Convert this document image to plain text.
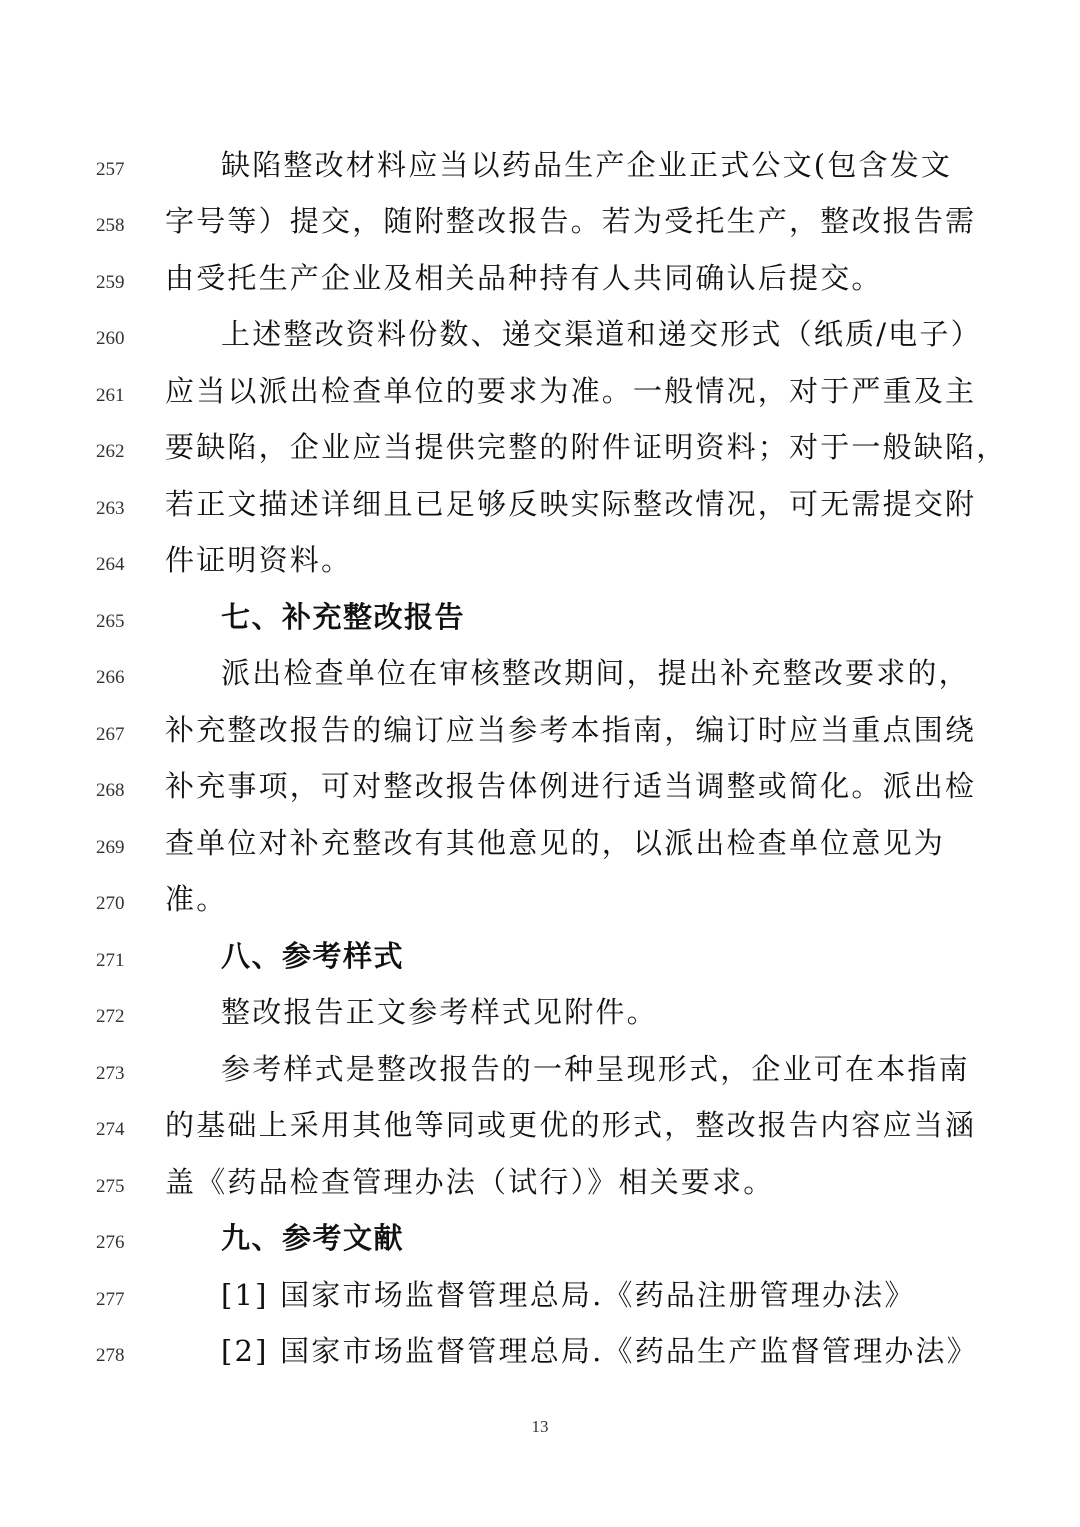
257	缺陷整改材料应当以药品生产企业正式公文(包含发文
258	字号等）提交，随附整改报告。若为受托生产，整改报告需
259	由受托生产企业及相关品种持有人共同确认后提交。
260	上述整改资料份数、递交渠道和递交形式（纸质/电子）
261	应当以派出检查单位的要求为准。一般情况，对于严重及主
262	要缺陷，企业应当提供完整的附件证明资料；对于一般缺陷，
263	若正文描述详细且已足够反映实际整改情况，可无需提交附
264	件证明资料。
265	七、补充整改报告
266	派出检查单位在审核整改期间，提出补充整改要求的，
267	补充整改报告的编订应当参考本指南，编订时应当重点围绕
268	补充事项，可对整改报告体例进行适当调整或简化。派出检
269	查单位对补充整改有其他意见的，以派出检查单位意见为
270	准。
271	八、参考样式
272	整改报告正文参考样式见附件。
273	参考样式是整改报告的一种呈现形式，企业可在本指南
274	的基础上采用其他等同或更优的形式，整改报告内容应当涵
275	盖《药品检查管理办法（试行）》相关要求。
276	九、参考文献
277	[1] 国家市场监督管理总局.《药品注册管理办法》
278	[2] 国家市场监督管理总局.《药品生产监督管理办法》
13
